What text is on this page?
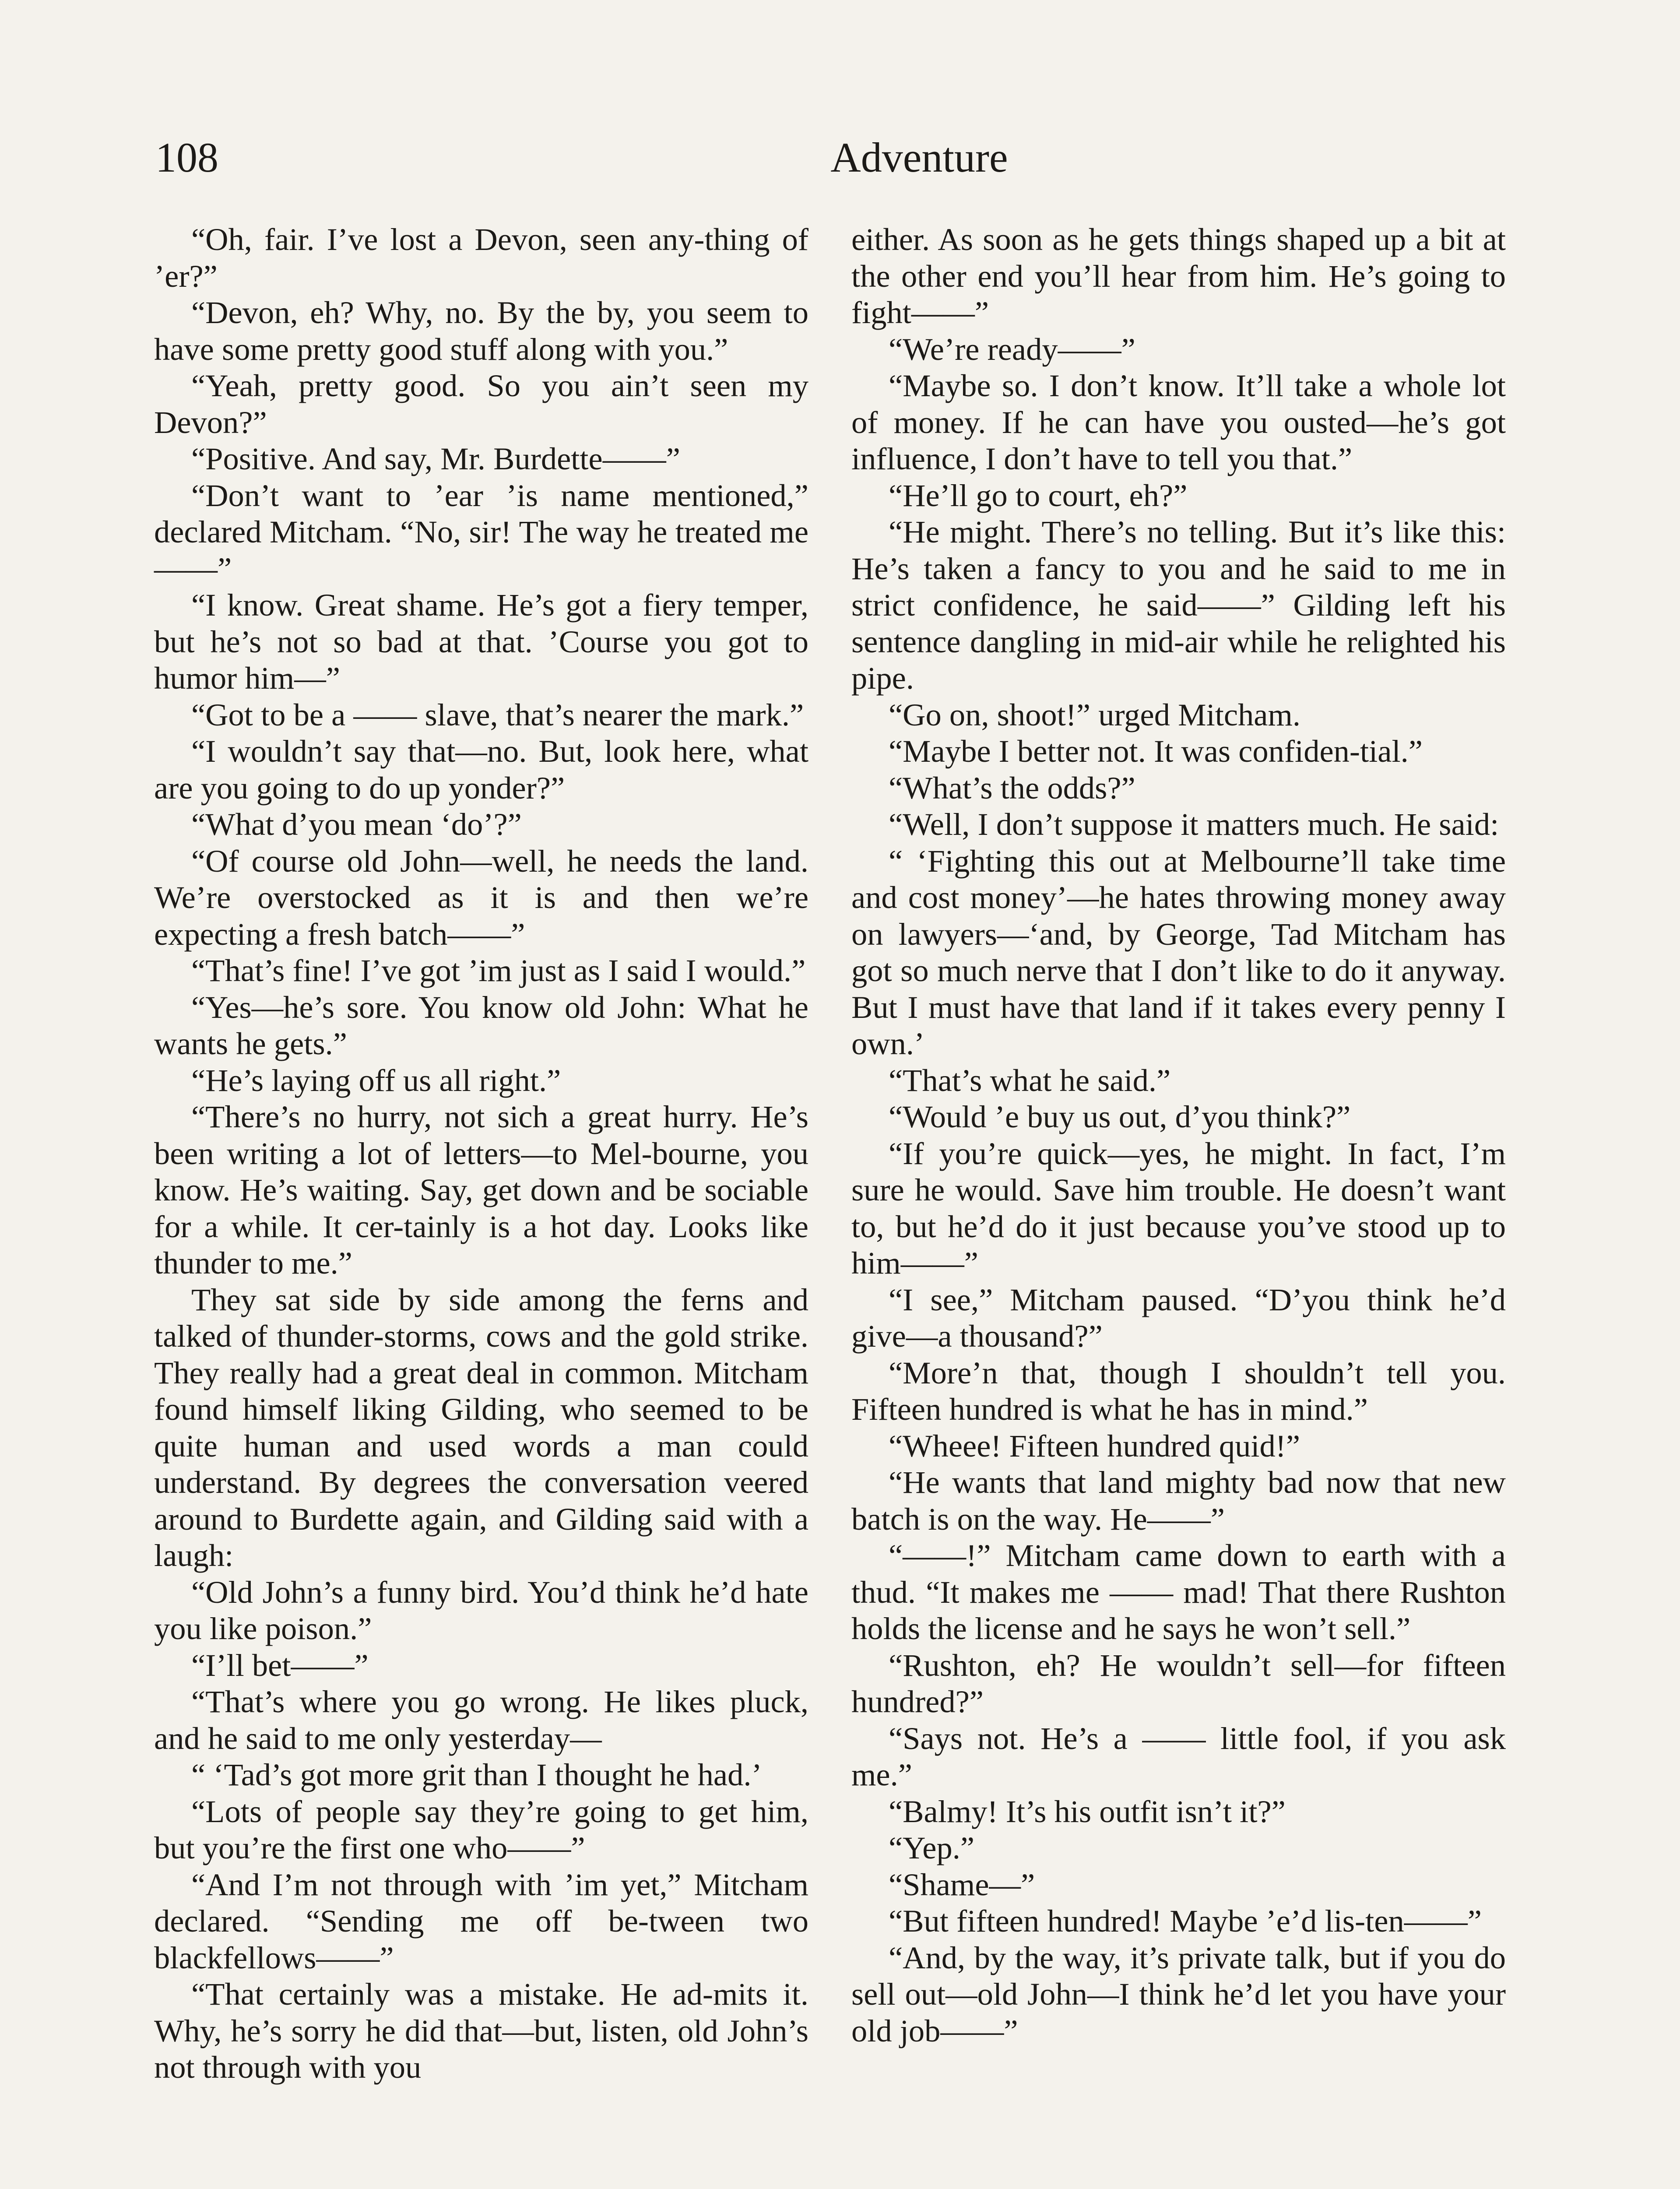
108	Adventure

“Oh, fair. I’ve lost a Devon, seen any-thing of ’er?”

“Devon, eh? Why, no. By the by, you seem to have some pretty good stuff along with you.”

“Yeah, pretty good. So you ain’t seen my Devon?”

“Positive. And say, Mr. Burdette——”

“Don’t want to ’ear ’is name mentioned,” declared Mitcham. “No, sir! The way he treated me——”

“I know. Great shame. He’s got a fiery temper, but he’s not so bad at that. ’Course you got to humor him—”

“Got to be a —— slave, that’s nearer the mark.”

“I wouldn’t say that—no. But, look here, what are you going to do up yonder?”

“What d’you mean ‘do’?”

“Of course old John—well, he needs the land. We’re overstocked as it is and then we’re expecting a fresh batch——”

“That’s fine! I’ve got ’im just as I said I would.”

“Yes—he’s sore. You know old John: What he wants he gets.”

“He’s laying off us all right.”

“There’s no hurry, not sich a great hurry. He’s been writing a lot of letters—to Mel-bourne, you know. He’s waiting. Say, get down and be sociable for a while. It cer-tainly is a hot day. Looks like thunder to me.”

They sat side by side among the ferns and talked of thunder-storms, cows and the gold strike. They really had a great deal in common. Mitcham found himself liking Gilding, who seemed to be quite human and used words a man could understand. By degrees the conversation veered around to Burdette again, and Gilding said with a laugh:

“Old John’s a funny bird. You’d think he’d hate you like poison.”

“I’ll bet——”

“That’s where you go wrong. He likes pluck, and he said to me only yesterday—

“ ‘Tad’s got more grit than I thought he had.’

“Lots of people say they’re going to get him, but you’re the first one who——”

“And I’m not through with ’im yet,” Mitcham declared. “Sending me off be-tween two blackfellows——”

“That certainly was a mistake. He ad-mits it. Why, he’s sorry he did that—but, listen, old John’s not through with you

either. As soon as he gets things shaped up a bit at the other end you’ll hear from him. He’s going to fight——”

“We’re ready——”

“Maybe so. I don’t know. It’ll take a whole lot of money. If he can have you ousted—he’s got influence, I don’t have to tell you that.”

“He’ll go to court, eh?”

“He might. There’s no telling. But it’s like this: He’s taken a fancy to you and he said to me in strict confidence, he said——” Gilding left his sentence dangling in mid-air while he relighted his pipe.

“Go on, shoot!” urged Mitcham.

“Maybe I better not. It was confiden-tial.”

“What’s the odds?”

“Well, I don’t suppose it matters much. He said:

“ ‘Fighting this out at Melbourne’ll take time and cost money’—he hates throwing money away on lawyers—‘and, by George, Tad Mitcham has got so much nerve that I don’t like to do it anyway. But I must have that land if it takes every penny I own.’

“That’s what he said.”

“Would ’e buy us out, d’you think?”

“If you’re quick—yes, he might. In fact, I’m sure he would. Save him trouble. He doesn’t want to, but he’d do it just because you’ve stood up to him——”

“I see,” Mitcham paused. “D’you think he’d give—a thousand?”

“More’n that, though I shouldn’t tell you. Fifteen hundred is what he has in mind.”

“Wheee! Fifteen hundred quid!”

“He wants that land mighty bad now that new batch is on the way. He——”

“——!” Mitcham came down to earth with a thud. “It makes me —— mad! That there Rushton holds the license and he says he won’t sell.”

“Rushton, eh? He wouldn’t sell—for fifteen hundred?”

“Says not. He’s a —— little fool, if you ask me.”

“Balmy! It’s his outfit isn’t it?”

“Yep.”

“Shame—”

“But fifteen hundred! Maybe ’e’d lis-ten——”

“And, by the way, it’s private talk, but if you do sell out—old John—I think he’d let you have your old job——”
